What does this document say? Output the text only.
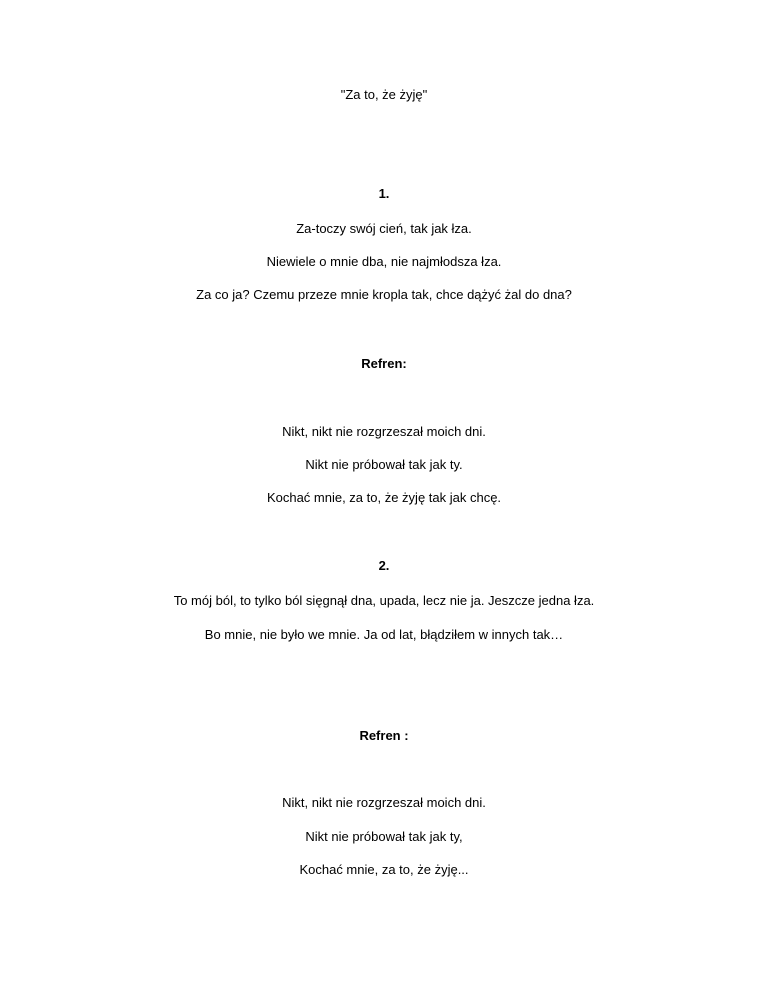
"Za to, że żyję"
1.
Za-toczy swój cień, tak jak łza.
Niewiele o mnie dba, nie najmłodsza łza.
Za co ja? Czemu przeze mnie kropla tak, chce dążyć żal do dna?
Refren:
Nikt, nikt nie rozgrzeszał moich dni.
Nikt nie próbował tak jak ty.
Kochać mnie, za to, że żyję tak jak chcę.
2.
To mój ból, to tylko ból sięgnął dna, upada, lecz nie ja. Jeszcze jedna łza.
Bo mnie, nie było we mnie. Ja od lat, błądziłem w innych tak…
Refren :
Nikt, nikt nie rozgrzeszał moich dni.
Nikt nie próbował tak jak ty,
Kochać mnie, za to, że żyję...
